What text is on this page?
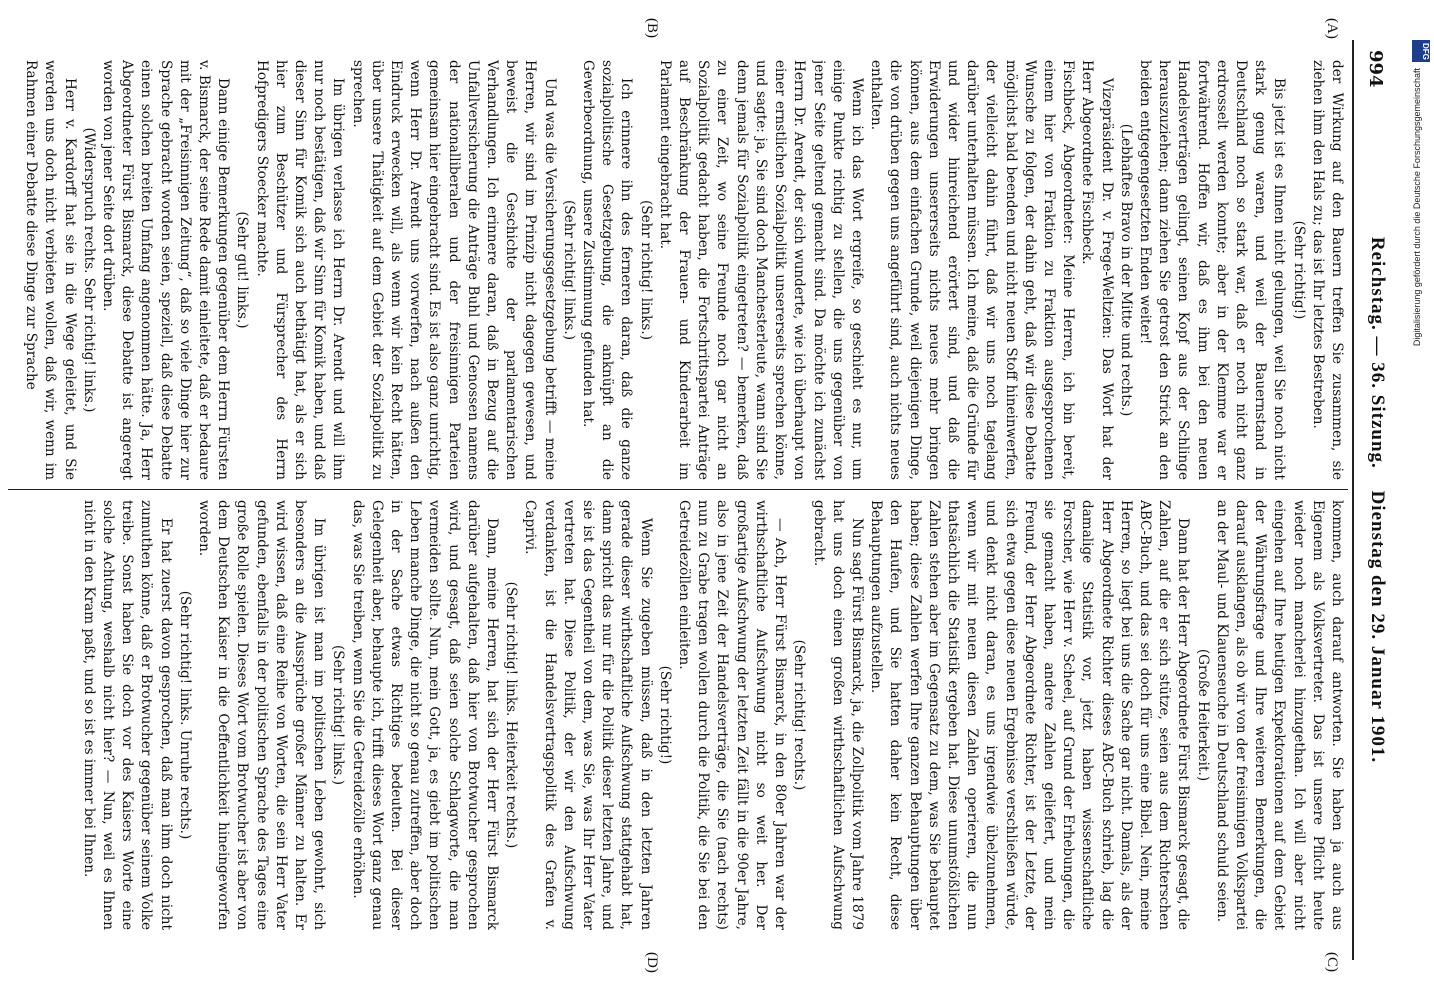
994
Reichstag. — 36. Sitzung. Dienstag den 29. Januar 1901.
(A)
(B)
(C)
(D)

der Wirkung auf den Bauern treffen Sie zusammen, sie ziehen ihm den Hals zu; das ist Ihr letztes Bestreben.

(Sehr richtig!)

Bis jetzt ist es Ihnen nicht gelungen, weil Sie noch nicht stark genug waren, und weil der Bauernstand in Deutschland noch so stark war, daß er noch nicht ganz erdrosselt werden konnte; aber in der Klemme war er fortwährend. Hoffen wir, daß es ihm bei den neuen Handelsverträgen gelingt, seinen Kopf aus der Schlinge herauszuziehen; dann ziehen Sie getrost den Strick an den beiden entgegengesetzten Enden weiter!

(Lebhaftes Bravo in der Mitte und rechts.)

Vizepräsident Dr. v. Frege-Weltzien: Das Wort hat der Herr Abgeordnete Fischbeck.

Fischbeck, Abgeordneter: Meine Herren, ich bin bereit, einem hier von Fraktion zu Fraktion ausgesprochenen Wunsche zu folgen, der dahin geht, daß wir diese Debatte möglichst bald beenden und nicht neuen Stoff hineinwerfen, der vielleicht dahin führt, daß wir uns noch tagelang darüber unterhalten müssen. Ich meine, daß die Gründe für und wider hinreichend erörtert sind, und daß die Erwiderungen unsererseits nichts neues mehr bringen können, aus dem einfachen Grunde, weil diejenigen Dinge, die von drüben gegen uns angeführt sind, auch nichts neues enthalten.

Wenn ich das Wort ergreife, so geschieht es nur, um einige Punkte richtig zu stellen, die uns gegenüber von jener Seite geltend gemacht sind. Da möchte ich zunächst Herrn Dr. Arendt, der sich wunderte, wie ich überhaupt von einer ernstlichen Sozialpolitik unsererseits sprechen könne, und sagte: ja, Sie sind doch Manchesterleute, wann sind Sie denn jemals für Sozialpolitik eingetreten? — bemerken, daß zu einer Zeit, wo seine Freunde noch gar nicht an Sozialpolitik gedacht haben, die Fortschrittspartei Anträge auf Beschränkung der Frauen- und Kinderarbeit im Parlament eingebracht hat.

(Sehr richtig! links.)

Ich erinnere ihn des ferneren daran, daß die ganze sozialpolitische Gesetzgebung, die anknüpft an die Gewerbeordnung, unsere Zustimmung gefunden hat.

(Sehr richtig! links.)

Und was die Versicherungsgesetzgebung betrifft — meine Herren, wir sind im Prinzip nicht dagegen gewesen, und beweist die Geschichte der parlamentarischen Verhandlungen. Ich erinnere daran, daß in Bezug auf die Unfallversicherung die Anträge Buhl und Genossen namens der nationalliberalen und der freisinnigen Parteien gemeinsam hier eingebracht sind. Es ist also ganz unrichtig, wenn Herr Dr. Arendt uns vorwerfen, nach außen den Eindruck erwecken will, als wenn wir kein Recht hätten, über unsere Thätigkeit auf dem Gebiet der Sozialpolitik zu sprechen.

Im übrigen verlasse ich Herrn Dr. Arendt und will ihm nur noch bestätigen, daß wir Sinn für Komik haben, und daß dieser Sinn für Komik sich auch bethätigt hat, als er sich hier zum Beschützer und Fürsprecher des Herrn Hofpredigers Stoecker machte.

(Sehr gut! links.)

Dann einige Bemerkungen gegenüber dem Herrn Fürsten v. Bismarck, der seine Rede damit einleitete, daß er bedaure mit der „Freisinnigen Zeitung“, daß so viele Dinge hier zur Sprache gebracht worden seien, speziell, daß diese Debatte einen solchen breiten Umfang angenommen hätte. Ja, Herr Abgeordneter Fürst Bismarck, diese Debatte ist angeregt worden von jener Seite dort drüben.

(Widerspruch rechts. Sehr richtig! links.)

Herr v. Kardorff hat sie in die Wege geleitet, und Sie werden uns doch nicht verbieten wollen, daß wir, wenn im Rahmen einer Debatte diese Dinge zur Sprache

kommen, auch darauf antworten. Sie haben ja auch aus Eigenem als Volksvertreter. Das ist unsere Pflicht heute wieder noch mancherlei hinzugethan. Ich will aber nicht eingehen auf Ihre heutigen Expektorationen auf dem Gebiet der Währungsfrage und Ihre weiteren Bemerkungen, die darauf ausklangen, als ob wir von der freisinnigen Volkspartei an der Maul- und Klauenseuche in Deutschland schuld seien.

(Große Heiterkeit.)

Dann hat der Herr Abgeordnete Fürst Bismarck gesagt, die Zahlen, auf die er sich stütze, seien aus dem Richterschen ABC-Buch, und das sei doch für uns eine Bibel. Nein, meine Herren, so liegt bei uns die Sache gar nicht. Damals, als der Herr Abgeordnete Richter dieses ABC-Buch schrieb, lag die damalige Statistik vor, jetzt haben wissenschaftliche Forscher, wie Herr v. Scheel, auf Grund der Erhebungen, die sie gemacht haben, andere Zahlen geliefert, und mein Freund, der Herr Abgeordnete Richter, ist der Letzte, der sich etwa gegen diese neuen Ergebnisse verschließen würde, und denkt nicht daran, es uns irgendwie übelzunehmen, wenn wir mit neuen diesen Zahlen operieren, die nun thatsächlich die Statistik ergeben hat. Diese unumstößlichen Zahlen stehen aber im Gegensatz zu dem, was Sie behauptet haben; diese Zahlen werfen Ihre ganzen Behauptungen über den Haufen, und Sie hatten daher kein Recht, diese Behauptungen aufzustellen.

Nun sagt Fürst Bismarck, ja, die Zollpolitik vom Jahre 1879 hat uns doch einen großen wirthschaftlichen Aufschwung gebracht.

(Sehr richtig! rechts.)

— Ach, Herr Fürst Bismarck, in den 80er Jahren war der wirthschaftliche Aufschwung nicht so weit her. Der großartige Aufschwung der letzten Zeit fällt in die 90er Jahre, also in jene Zeit der Handelsverträge, die Sie (nach rechts) nun zu Grabe tragen wollen durch die Politik, die Sie bei den Getreidezöllen einleiten.

(Sehr richtig!)

Wenn Sie zugeben müssen, daß in den letzten Jahren gerade dieser wirthschaftliche Aufschwung stattgehabt hat, dann spricht das nur für die Politik dieser letzten Jahre, und sie ist das Gegentheil von dem, was Sie, was Ihr Herr Vater vertreten hat. Diese Politik, der wir den Aufschwung verdanken, ist die Handelsvertragspolitik des Grafen v. Caprivi.

(Sehr richtig! links. Heiterkeit rechts.)

Dann, meine Herren, hat sich der Herr Fürst Bismarck darüber aufgehalten, daß hier von Brotwucher gesprochen wird, und gesagt, daß seien solche Schlagworte, die man vermeiden sollte. Nun, mein Gott, ja, es giebt im politischen Leben manche Dinge, die nicht so genau zutreffen, aber doch in der Sache etwas Richtiges bedeuten. Bei dieser Gelegenheit aber, behaupte ich, trifft dieses Wort ganz genau das, was Sie treiben, wenn Sie die Getreidezölle erhöhen.

(Sehr richtig! links.)

Im übrigen ist man im politischen Leben gewohnt, sich besonders an die Aussprüche großer Männer zu halten. Er wird wissen, daß eine Reihe von Worten, die sein Herr Vater gefunden, ebenfalls in der politischen Sprache des Tages eine große Rolle spielen. Dieses Wort vom Brotwucher ist aber von dem Deutschen Kaiser in die Oeffentlichkeit hineingeworfen worden.

(Sehr richtig! links. Unruhe rechts.)

Er hat zuerst davon gesprochen, daß man ihm doch nicht zumuthen könne, daß er Brotwucher gegenüber seinem Volke treibe. Sonst haben Sie doch vor des Kaisers Worte eine solche Achtung, weshalb nicht hier? — Nun, weil es Ihnen nicht in den Kram paßt, und so ist es immer bei Ihnen.

DFG
Digitalisierung gefördert durch die Deutsche Forschungsgemeinschaft
